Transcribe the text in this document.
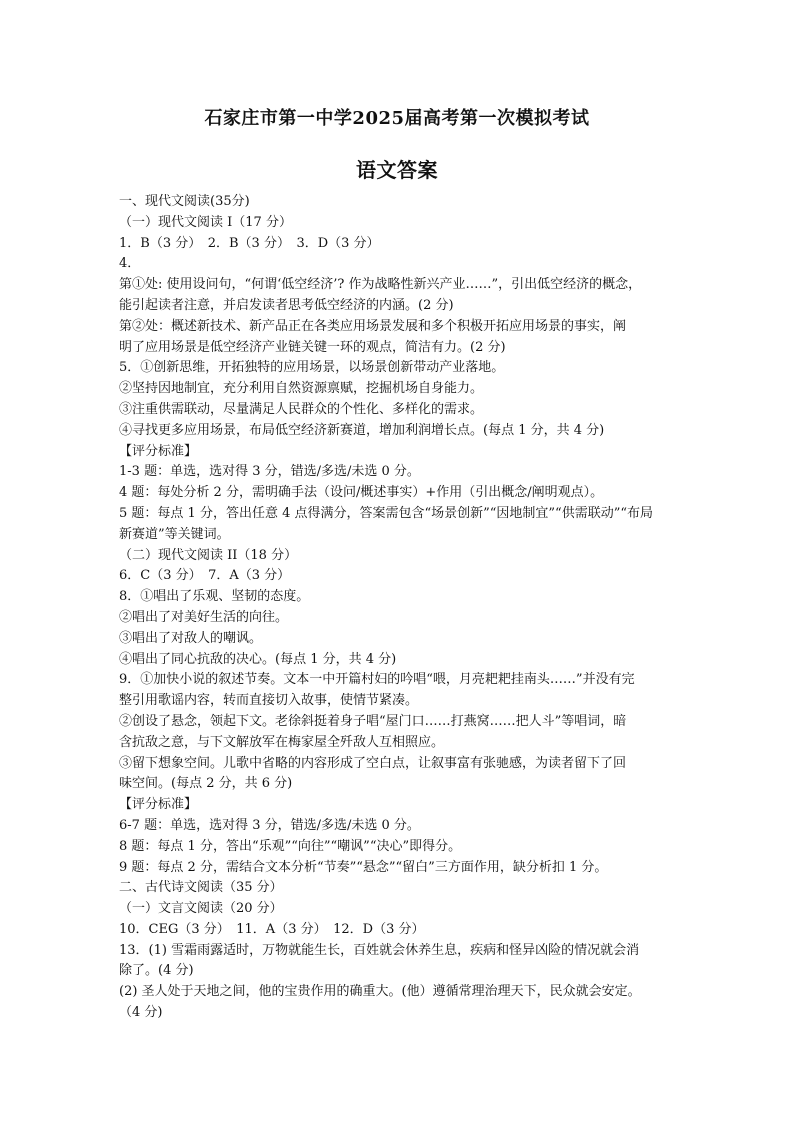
石家庄市第一中学2025届高考第一次模拟考试
语文答案
一、现代文阅读(35分)
（一）现代文阅读 I（17 分）
1．B（3 分）　2．B（3 分）　3．D（3 分）
4．
第①处: 使用设问句，“何谓‘低空经济’? 作为战略性新兴产业……”，引出低空经济的概念，
能引起读者注意，并启发读者思考低空经济的内涵。(2 分)
第②处：概述新技术、新产品正在各类应用场景发展和多个积极开拓应用场景的事实，阐
明了应用场景是低空经济产业链关键一环的观点，简洁有力。(2 分)
5．①创新思维，开拓独特的应用场景，以场景创新带动产业落地。
②坚持因地制宜，充分利用自然资源禀赋，挖掘机场自身能力。
③注重供需联动，尽量满足人民群众的个性化、多样化的需求。
④寻找更多应用场景，布局低空经济新赛道，增加利润增长点。(每点 1 分，共 4 分)
【评分标准】
1-3 题：单选，选对得 3 分，错选/多选/未选 0 分。
4 题：每处分析 2 分，需明确手法（设问/概述事实）+作用（引出概念/阐明观点）。
5 题：每点 1 分，答出任意 4 点得满分，答案需包含“场景创新”“因地制宜”“供需联动”“布局
新赛道”等关键词。
（二）现代文阅读 II（18 分）
6．C（3 分）　7．A（3 分）
8．①唱出了乐观、坚韧的态度。
②唱出了对美好生活的向往。
③唱出了对敌人的嘲讽。
④唱出了同心抗敌的决心。(每点 1 分，共 4 分)
9．①加快小说的叙述节奏。文本一中开篇村妇的吟唱“喂，月亮耙耙挂南头……”并没有完
整引用歌谣内容，转而直接切入故事，使情节紧凑。
②创设了悬念，领起下文。老徐斜挺着身子唱“屋门口……打燕窝……把人斗”等唱词，暗
含抗敌之意，与下文解放军在梅家屋全歼敌人互相照应。
③留下想象空间。儿歌中省略的内容形成了空白点，让叙事富有张驰感，为读者留下了回
味空间。(每点 2 分，共 6 分)
【评分标准】
6-7 题：单选，选对得 3 分，错选/多选/未选 0 分。
8 题：每点 1 分，答出“乐观”“向往”“嘲讽”“决心”即得分。
9 题：每点 2 分，需结合文本分析“节奏”“悬念”“留白”三方面作用，缺分析扣 1 分。
二、古代诗文阅读（35 分）
（一）文言文阅读（20 分）
10．CEG（3 分）　11．A（3 分）　12．D（3 分）
13．(1) 雪霜雨露适时，万物就能生长，百姓就会休养生息，疾病和怪异凶险的情况就会消
除了。(4 分)
(2) 圣人处于天地之间，他的宝贵作用的确重大。(他）遵循常理治理天下，民众就会安定。
（4 分)
